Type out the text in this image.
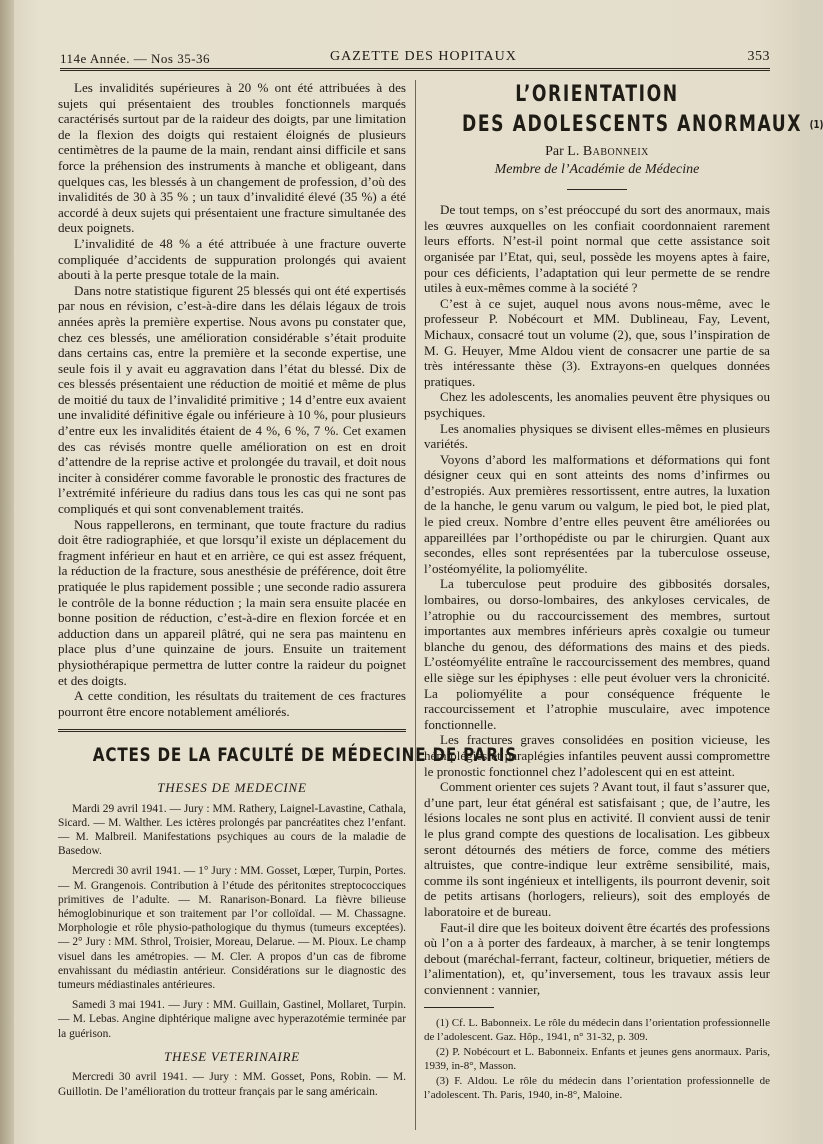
114e Année. — Nos 35-36	GAZETTE DES HOPITAUX	353

Les invalidités supérieures à 20 % ont été attribuées à des sujets qui présentaient des troubles fonctionnels marqués caractérisés surtout par de la raideur des doigts, par une limitation de la flexion des doigts qui restaient éloignés de plusieurs centimètres de la paume de la main, rendant ainsi difficile et sans force la préhension des instruments à manche et obligeant, dans quelques cas, les blessés à un changement de profession, d’où des invalidités de 30 à 35 % ; un taux d’invalidité élevé (35 %) a été accordé à deux sujets qui présentaient une fracture simultanée des deux poignets.

L’invalidité de 48 % a été attribuée à une fracture ouverte compliquée d’accidents de suppuration prolongés qui avaient abouti à la perte presque totale de la main.

Dans notre statistique figurent 25 blessés qui ont été expertisés par nous en révision, c’est-à-dire dans les délais légaux de trois années après la première expertise. Nous avons pu constater que, chez ces blessés, une amélioration considérable s’était produite dans certains cas, entre la première et la seconde expertise, une seule fois il y avait eu aggravation dans l’état du blessé. Dix de ces blessés présentaient une réduction de moitié et même de plus de moitié du taux de l’invalidité primitive ; 14 d’entre eux avaient une invalidité définitive égale ou inférieure à 10 %, pour plusieurs d’entre eux les invalidités étaient de 4 %, 6 %, 7 %. Cet examen des cas révisés montre quelle amélioration on est en droit d’attendre de la reprise active et prolongée du travail, et doit nous inciter à considérer comme favorable le pronostic des fractures de l’extrémité inférieure du radius dans tous les cas qui ne sont pas compliqués et qui sont convenablement traités.

Nous rappellerons, en terminant, que toute fracture du radius doit être radiographiée, et que lorsqu’il existe un déplacement du fragment inférieur en haut et en arrière, ce qui est assez fréquent, la réduction de la fracture, sous anesthésie de préférence, doit être pratiquée le plus rapidement possible ; une seconde radio assurera le contrôle de la bonne réduction ; la main sera ensuite placée en bonne position de réduction, c’est-à-dire en flexion forcée et en adduction dans un appareil plâtré, qui ne sera pas maintenu en place plus d’une quinzaine de jours. Ensuite un traitement physiothérapique permettra de lutter contre la raideur du poignet et des doigts.

A cette condition, les résultats du traitement de ces fractures pourront être encore notablement améliorés.

ACTES DE LA FACULTÉ DE MÉDECINE DE PARIS
THESES DE MEDECINE

Mardi 29 avril 1941. — Jury : MM. Rathery, Laignel-Lavastine, Cathala, Sicard. — M. Walther. Les ictères prolongés par pancréatites chez l’enfant. — M. Malbreil. Manifestations psychiques au cours de la maladie de Basedow.

Mercredi 30 avril 1941. — 1° Jury : MM. Gosset, Lœper, Turpin, Portes. — M. Grangenois. Contribution à l’étude des péritonites streptococciques primitives de l’adulte. — M. Ranarison-Bonard. La fièvre bilieuse hémoglobinurique et son traitement par l’or colloïdal. — M. Chassagne. Morphologie et rôle physio-pathologique du thymus (tumeurs exceptées). — 2° Jury : MM. Sthrol, Troisier, Moreau, Delarue. — M. Pioux. Le champ visuel dans les amétropies. — M. Cler. A propos d’un cas de fibrome envahissant du médiastin antérieur. Considérations sur le diagnostic des tumeurs médiastinales antérieures.

Samedi 3 mai 1941. — Jury : MM. Guillain, Gastinel, Mollaret, Turpin. — M. Lebas. Angine diphtérique maligne avec hyperazotémie terminée par la guérison.

THESE VETERINAIRE

Mercredi 30 avril 1941. — Jury : MM. Gosset, Pons, Robin. — M. Guillotin. De l’amélioration du trotteur français par le sang américain.

L’ORIENTATION
DES ADOLESCENTS ANORMAUX $^{(1)}$
Par L. Babonneix
Membre de l’Académie de Médecine

De tout temps, on s’est préoccupé du sort des anormaux, mais les œuvres auxquelles on les confiait coordonnaient rarement leurs efforts. N’est-il point normal que cette assistance soit organisée par l’Etat, qui, seul, possède les moyens aptes à faire, pour ces déficients, l’adaptation qui leur permette de se rendre utiles à eux-mêmes comme à la société ?

C’est à ce sujet, auquel nous avons nous-même, avec le professeur P. Nobécourt et MM. Dublineau, Fay, Levent, Michaux, consacré tout un volume (2), que, sous l’inspiration de M. G. Heuyer, Mme Aldou vient de consacrer une partie de sa très intéressante thèse (3). Extrayons-en quelques données pratiques.

Chez les adolescents, les anomalies peuvent être physiques ou psychiques.

Les anomalies physiques se divisent elles-mêmes en plusieurs variétés.

Voyons d’abord les malformations et déformations qui font désigner ceux qui en sont atteints des noms d’infirmes ou d’estropiés. Aux premières ressortissent, entre autres, la luxation de la hanche, le genu varum ou valgum, le pied bot, le pied plat, le pied creux. Nombre d’entre elles peuvent être améliorées ou appareillées par l’orthopédiste ou par le chirurgien. Quant aux secondes, elles sont représentées par la tuberculose osseuse, l’ostéomyélite, la poliomyélite.

La tuberculose peut produire des gibbosités dorsales, lombaires, ou dorso-lombaires, des ankyloses cervicales, de l’atrophie ou du raccourcissement des membres, surtout importantes aux membres inférieurs après coxalgie ou tumeur blanche du genou, des déformations des mains et des pieds. L’ostéomyélite entraîne le raccourcissement des membres, quand elle siège sur les épiphyses : elle peut évoluer vers la chronicité. La poliomyélite a pour conséquence fréquente le raccourcissement et l’atrophie musculaire, avec impotence fonctionnelle.

Les fractures graves consolidées en position vicieuse, les hémiplégies et paraplégies infantiles peuvent aussi compromettre le pronostic fonctionnel chez l’adolescent qui en est atteint.

Comment orienter ces sujets ? Avant tout, il faut s’assurer que, d’une part, leur état général est satisfaisant ; que, de l’autre, les lésions locales ne sont plus en activité. Il convient aussi de tenir le plus grand compte des questions de localisation. Les gibbeux seront détournés des métiers de force, comme des métiers altruistes, que contre-indique leur extrême sensibilité, mais, comme ils sont ingénieux et intelligents, ils pourront devenir, soit de petits artisans (horlogers, relieurs), soit des employés de laboratoire et de bureau.

Faut-il dire que les boiteux doivent être écartés des professions où l’on a à porter des fardeaux, à marcher, à se tenir longtemps debout (maréchal-ferrant, facteur, coltineur, briquetier, métiers de l’alimentation), et, qu’inversement, tous les travaux assis leur conviennent : vannier,

(1) Cf. L. Babonneix. Le rôle du médecin dans l’orientation professionnelle de l’adolescent. Gaz. Hôp., 1941, n° 31-32, p. 309.

(2) P. Nobécourt et L. Babonneix. Enfants et jeunes gens anormaux. Paris, 1939, in-8°, Masson.

(3) F. Aldou. Le rôle du médecin dans l’orientation professionnelle de l’adolescent. Th. Paris, 1940, in-8°, Maloine.
